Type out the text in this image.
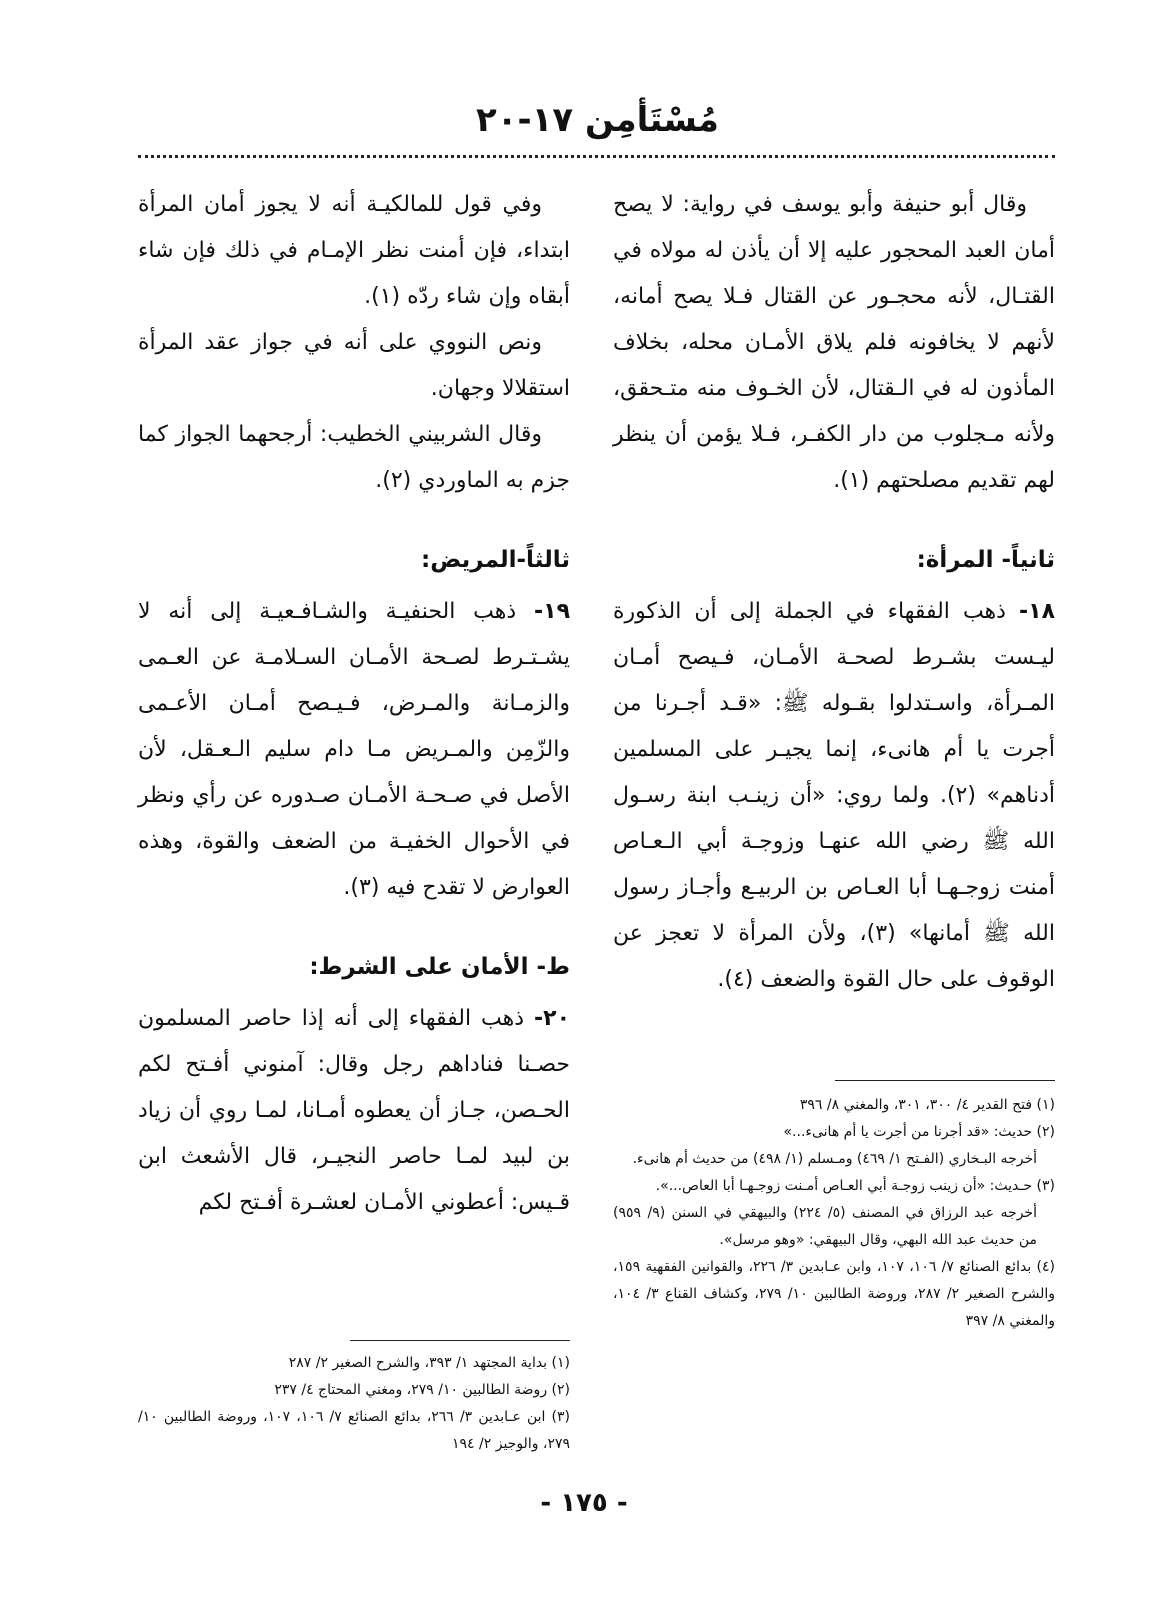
مُسْتَأمِن ١٧-٢٠

وقال أبو حنيفة وأبو يوسف في رواية: لا يصح أمان العبد المحجور عليه إلا أن يأذن له مولاه في القتـال، لأنه محجـور عن القتال فـلا يصح أمانه، لأنهم لا يخافونه فلم يلاق الأمـان محله، بخلاف المأذون له في الـقتال، لأن الخـوف منه متـحقق، ولأنه مـجلوب من دار الكفـر، فـلا يؤمن أن ينظر لهم تقديم مصلحتهم (١).

ثانياً- المرأة:

١٨- ذهب الفقهاء في الجملة إلى أن الذكورة ليـست بشـرط لصحـة الأمـان، فـيصح أمـان المـرأة، واسـتدلوا بقـوله ﷺ: «قـد أجـرنا من أجرت يا أم هانىء، إنما يجيـر على المسلمين أدناهم» (٢). ولما روي: «أن زينـب ابنة رسـول الله ﷺ رضي الله عنهـا وزوجـة أبي الـعـاص أمنت زوجـهـا أبا العـاص بن الربيـع وأجـاز رسول الله ﷺ أمانها» (٣)، ولأن المرأة لا تعجز عن الوقوف على حال القوة والضعف (٤).

(١) فتح القدير ٤/ ٣٠٠، ٣٠١، والمغني ٨/ ٣٩٦

(٢) حديث: «قد أجرنا من أجرت يا أم هانىء...»

أخرجه البـخاري (الفـتح ١/ ٤٦٩) ومـسلم (١/ ٤٩٨) من حديث أم هانىء.

(٣) حـديث: «أن زينب زوجـة أبي العـاص أمـنت زوجـهـا أبا العاص...».

أخرجه عبد الرزاق في المصنف (٥/ ٢٢٤) والبيهقي في السنن (٩/ ٩٥٩) من حديث عبد الله البهي، وقال البيهقي: «وهو مرسل».

(٤) بدائع الصنائع ٧/ ١٠٦، ١٠٧، وابن عـابدين ٣/ ٢٢٦، والقوانين الفقهية ١٥٩، والشرح الصغير ٢/ ٢٨٧، وروضة الطالبين ١٠/ ٢٧٩، وكشاف القناع ٣/ ١٠٤، والمغني ٨/ ٣٩٧

وفي قول للمالكيـة أنه لا يجوز أمان المرأة ابتداء، فإن أمنت نظر الإمـام في ذلك فإن شاء أبقاه وإن شاء ردّه (١).

ونص النووي على أنه في جواز عقد المرأة استقلالا وجهان.

وقال الشربيني الخطيب: أرجحهما الجواز كما جزم به الماوردي (٢).

ثالثاً-المريض:

١٩- ذهب الحنفيـة والشـافـعيـة إلى أنه لا يشـتـرط لصـحة الأمـان السـلامـة عن العـمى والزمـانة والمـرض، فـيـصح أمـان الأعـمى والزّمِن والمـريض مـا دام سليم الـعـقل، لأن الأصل في صـحـة الأمـان صـدوره عن رأي ونظر في الأحوال الخفيـة من الضعف والقوة، وهذه العوارض لا تقدح فيه (٣).

ط- الأمان على الشرط:

٢٠- ذهب الفقهاء إلى أنه إذا حاصر المسلمون حصـنا فناداهم رجل وقال: آمنوني أفـتح لكم الحـصن، جـاز أن يعطوه أمـانا، لمـا روي أن زياد بن لبيد لمـا حاصر النجيـر، قال الأشعث ابن قـيس: أعطوني الأمـان لعشـرة أفـتح لكم

(١) بداية المجتهد ١/ ٣٩٣، والشرح الصغير ٢/ ٢٨٧

(٢) روضة الطالبين ١٠/ ٢٧٩، ومغني المحتاج ٤/ ٢٣٧

(٣) ابن عـابدين ٣/ ٢٦٦، بدائع الصنائع ٧/ ١٠٦، ١٠٧، وروضة الطالبين ١٠/ ٢٧٩، والوجيز ٢/ ١٩٤

- ١٧٥ -
